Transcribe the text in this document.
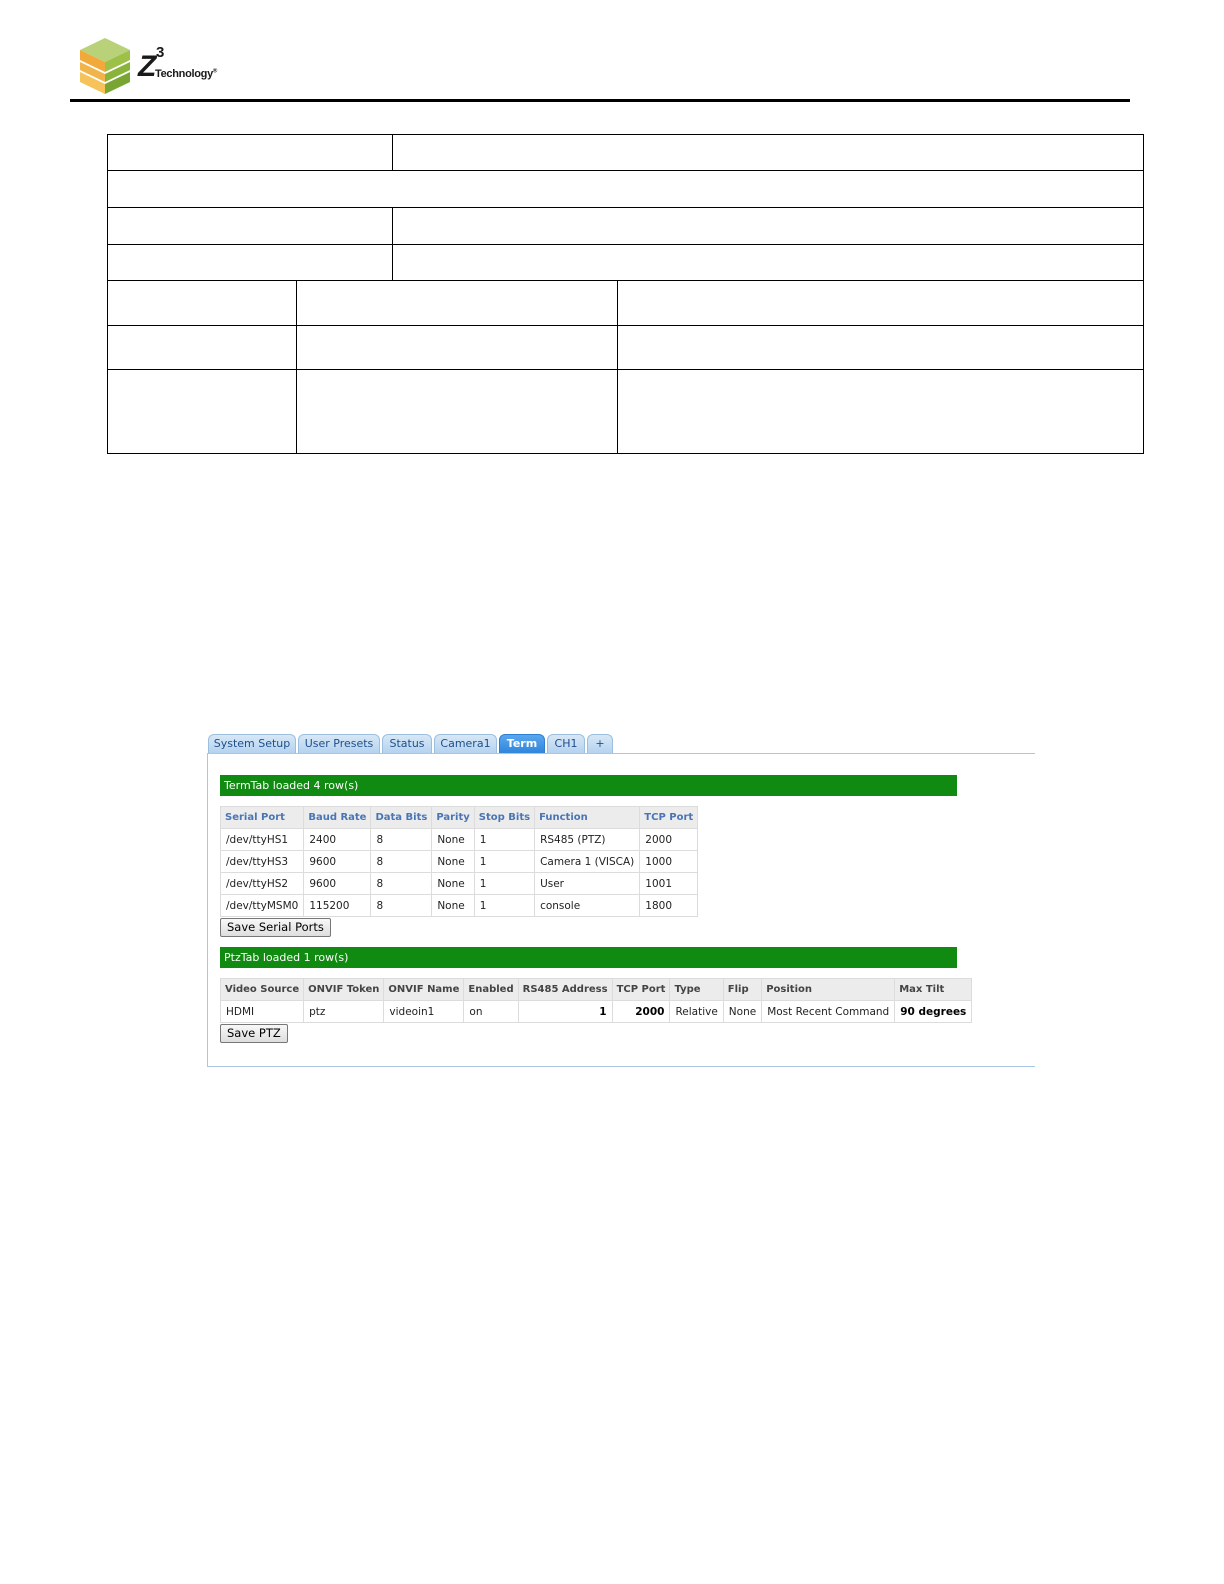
Z 3
Technology®
System Setup	User Presets	Status	Camera1	Term	CH1	+
TermTab loaded 4 row(s)
Serial Port	Baud Rate	Data Bits	Parity	Stop Bits	Function	TCP Port
/dev/ttyHS1	2400	8	None	1	RS485 (PTZ)	2000
/dev/ttyHS3	9600	8	None	1	Camera 1 (VISCA)	1000
/dev/ttyHS2	9600	8	None	1	User	1001
/dev/ttyMSM0	115200	8	None	1	console	1800
Save Serial Ports
PtzTab loaded 1 row(s)
Video Source	ONVIF Token	ONVIF Name	Enabled	RS485 Address	TCP Port	Type	Flip	Position	Max Tilt
HDMI	ptz	videoin1	on	1	2000	Relative	None	Most Recent Command	90 degrees
Save PTZ
